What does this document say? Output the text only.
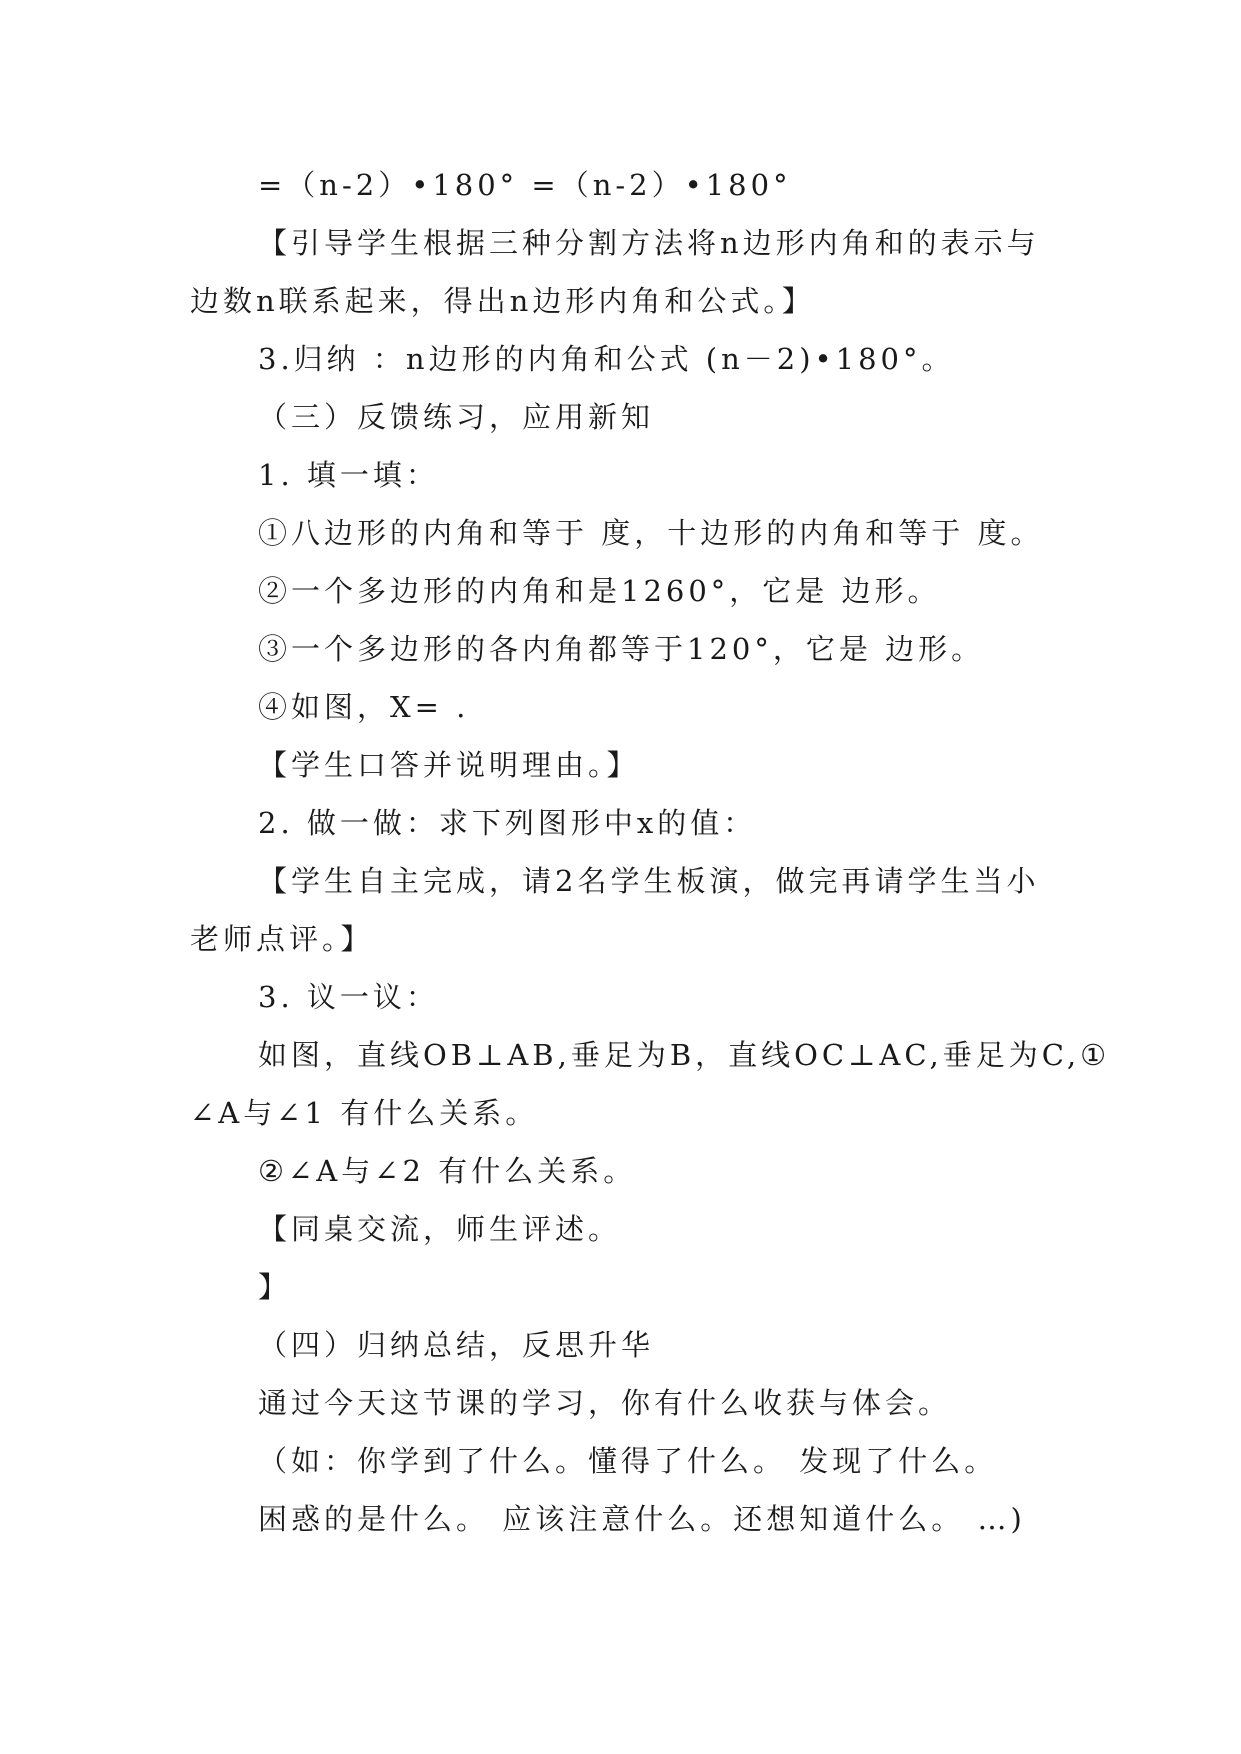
=（n-2）•180° =（n-2）•180°
【引导学生根据三种分割方法将n边形内角和的表示与
边数n联系起来，得出n边形内角和公式。】
3.归纳 ：n边形的内角和公式 (n－2)•180°。
（三）反馈练习，应用新知
1. 填一填：
①八边形的内角和等于 度，十边形的内角和等于 度。
②一个多边形的内角和是1260°，它是 边形。
③一个多边形的各内角都等于120°，它是 边形。
④如图，X= .
【学生口答并说明理由。】
2. 做一做：求下列图形中x的值：
【学生自主完成，请2名学生板演，做完再请学生当小
老师点评。】
3. 议一议：
如图，直线OB⊥AB,垂足为B，直线OC⊥AC,垂足为C,①
∠A与∠1 有什么关系。
②∠A与∠2 有什么关系。
【同桌交流，师生评述。
】
（四）归纳总结，反思升华
通过今天这节课的学习，你有什么收获与体会。
（如：你学到了什么。懂得了什么。 发现了什么。
困惑的是什么。 应该注意什么。还想知道什么。 …)
